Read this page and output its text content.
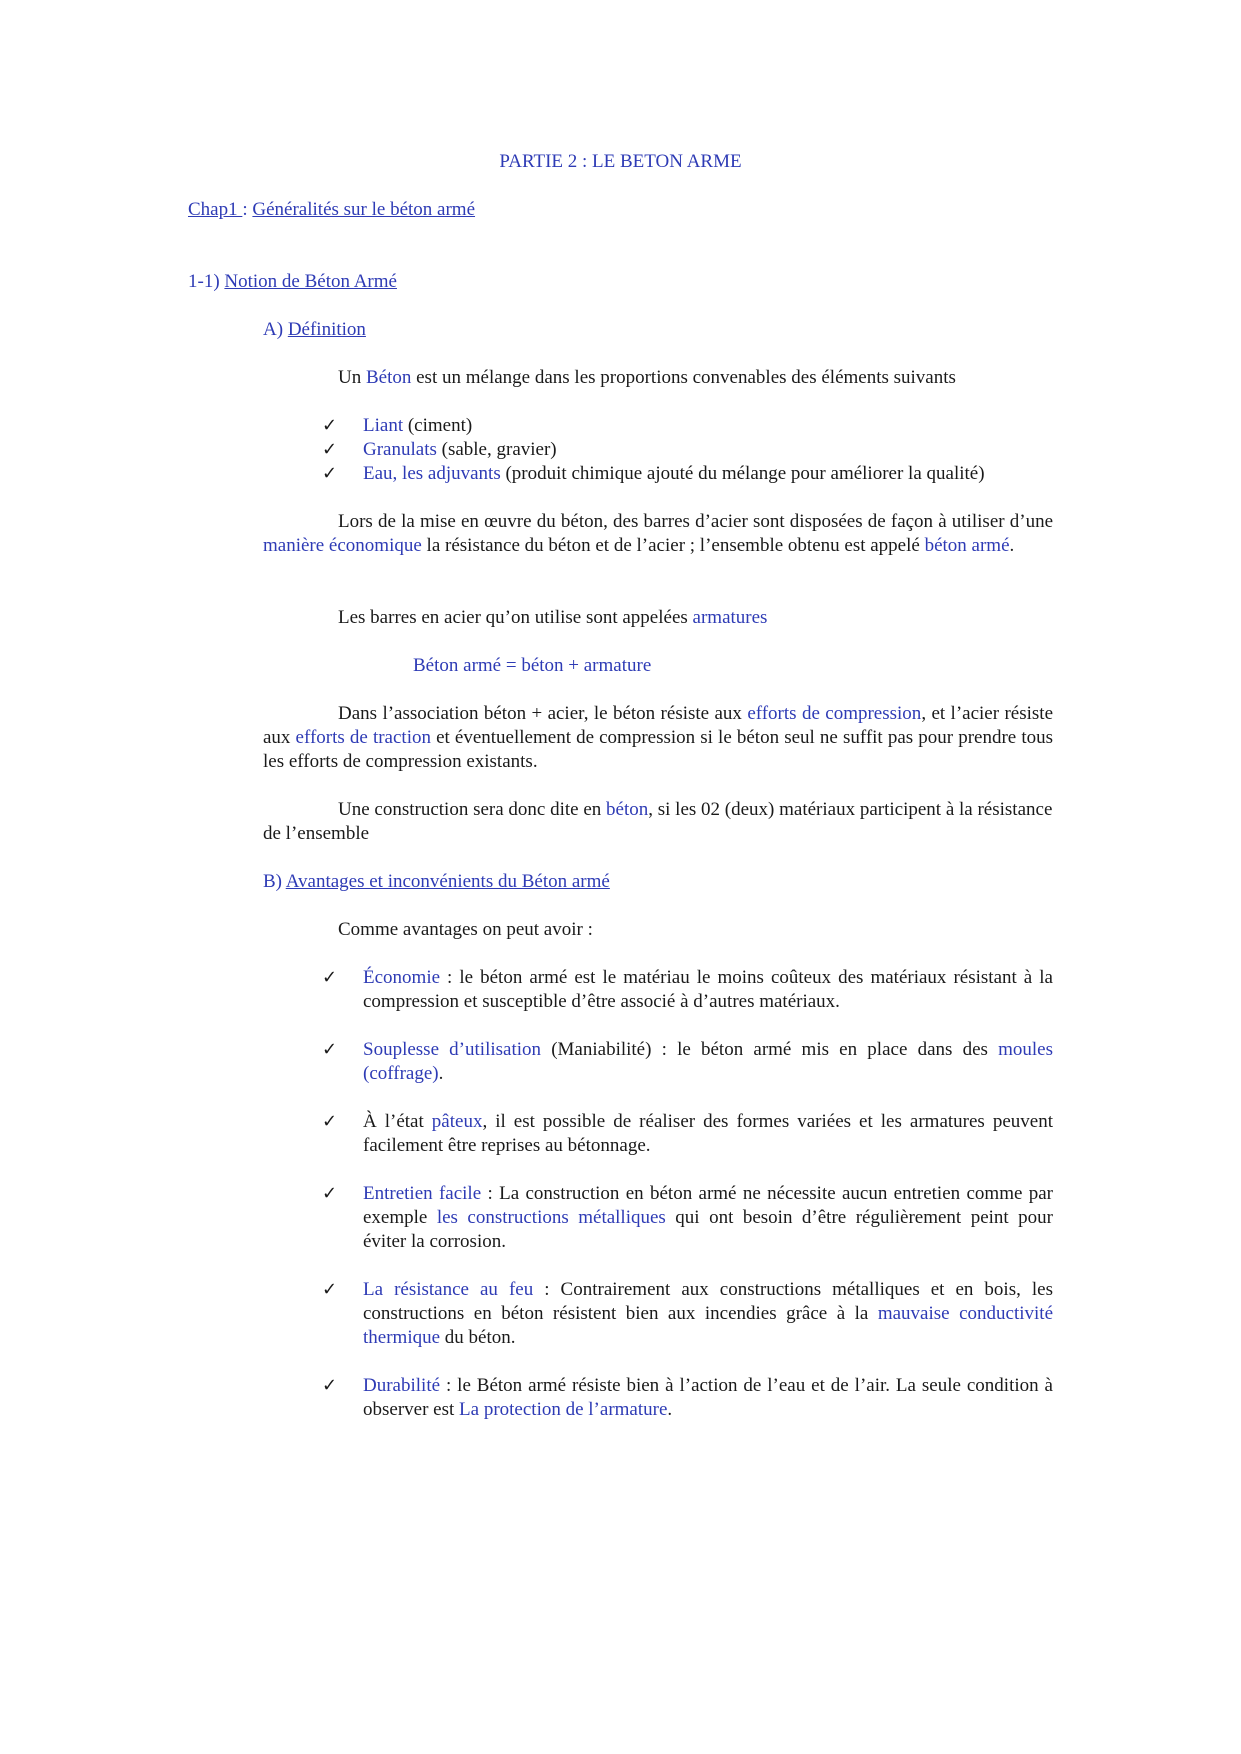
PARTIE 2 : LE BETON ARME
Chap1 : Généralités sur le béton armé
1-1) Notion de Béton Armé
A) Définition
Un Béton est un mélange dans les proportions convenables des éléments suivants
✓ Liant (ciment)
✓ Granulats (sable, gravier)
✓ Eau, les adjuvants (produit chimique ajouté du mélange pour améliorer la qualité)
Lors de la mise en œuvre du béton, des barres d’acier sont disposées de façon à utiliser d’une manière économique la résistance du béton et de l’acier ; l’ensemble obtenu est appelé béton armé.
Les barres en acier qu’on utilise sont appelées armatures
Béton armé = béton + armature
Dans l’association béton + acier, le béton résiste aux efforts de compression, et l’acier résiste aux efforts de traction et éventuellement de compression si le béton seul ne suffit pas pour prendre tous les efforts de compression existants.
Une construction sera donc dite en béton, si les 02 (deux) matériaux participent à la résistance de l’ensemble
B) Avantages et inconvénients du Béton armé
Comme avantages on peut avoir :
✓ Économie : le béton armé est le matériau le moins coûteux des matériaux résistant à la compression et susceptible d’être associé à d’autres matériaux.
✓ Souplesse d’utilisation (Maniabilité) : le béton armé mis en place dans des moules (coffrage).
✓ À l’état pâteux, il est possible de réaliser des formes variées et les armatures peuvent facilement être reprises au bétonnage.
✓ Entretien facile : La construction en béton armé ne nécessite aucun entretien comme par exemple les constructions métalliques qui ont besoin d’être régulièrement peint pour éviter la corrosion.
✓ La résistance au feu : Contrairement aux constructions métalliques et en bois, les constructions en béton résistent bien aux incendies grâce à la mauvaise conductivité thermique du béton.
✓ Durabilité : le Béton armé résiste bien à l’action de l’eau et de l’air. La seule condition à observer est La protection de l’armature.
